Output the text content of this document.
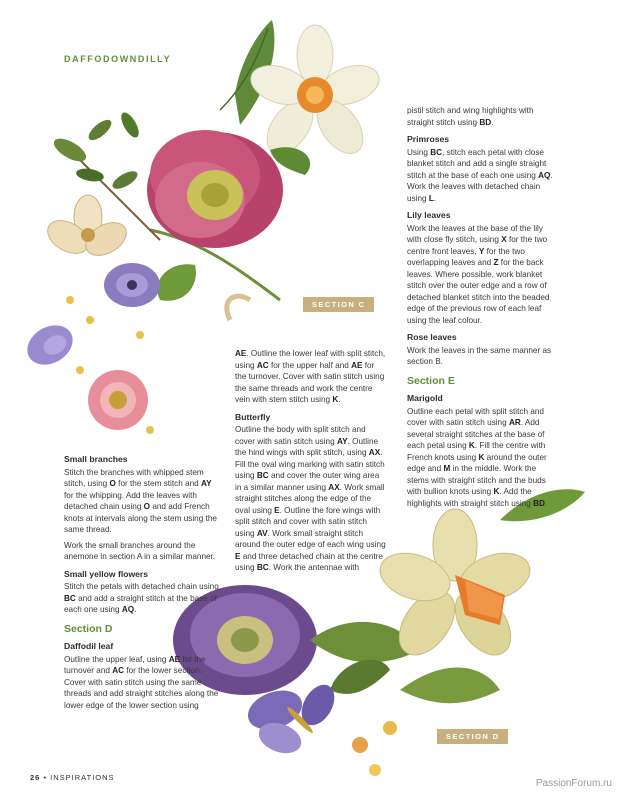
DAFFODOWNDILLY
SECTION C
SECTION D
Small branches

Stitch the branches with whipped stem stitch, using O for the stem stitch and AY for the whipping. Add the leaves with detached chain using O and add French knots at intervals along the stem using the same thread.

Work the small branches around the anemone in section A in a similar manner.

Small yellow flowers

Stitch the petals with detached chain using BC and add a straight stitch at the base of each one using AQ.

Section D
Daffodil leaf

Outline the upper leaf, using AE for the turnover and AC for the lower section. Cover with satin stitch using the same threads and add straight stitches along the lower edge of the lower section using

AE. Outline the lower leaf with split stitch, using AC for the upper half and AE for the turnover. Cover with satin stitch using the same threads and work the centre vein with stem stitch using K.

Butterfly

Outline the body with split stitch and cover with satin stitch using AY. Outline the hind wings with split stitch, using AX. Fill the oval wing marking with satin stitch using BC and cover the outer wing area in a similar manner using AX. Work small straight stitches along the edge of the oval using E. Outline the fore wings with split stitch and cover with satin stitch using AV. Work small straight stitch around the outer edge of each wing using E and three detached chain at the centre using BC. Work the antennae with

pistil stitch and wing highlights with straight stitch using BD.

Primroses

Using BC, stitch each petal with close blanket stitch and add a single straight stitch at the base of each one using AQ. Work the leaves with detached chain using L.

Lily leaves

Work the leaves at the base of the lily with close fly stitch, using X for the two centre front leaves, Y for the two overlapping leaves and Z for the back leaves. Where possible, work blanket stitch over the outer edge and a row of detached blanket stitch into the beaded edge of the previous row of each leaf using the leaf colour.

Rose leaves

Work the leaves in the same manner as section B.

Section E
Marigold

Outline each petal with split stitch and cover with satin stitch using AR. Add several straight stitches at the base of each petal using K. Fill the centre with French knots using K around the outer edge and M in the middle. Work the stems with straight stitch and the buds with bullion knots using K. Add the highlights with straight stitch using BD.

26 • INSPIRATIONS
PassionForum.ru
